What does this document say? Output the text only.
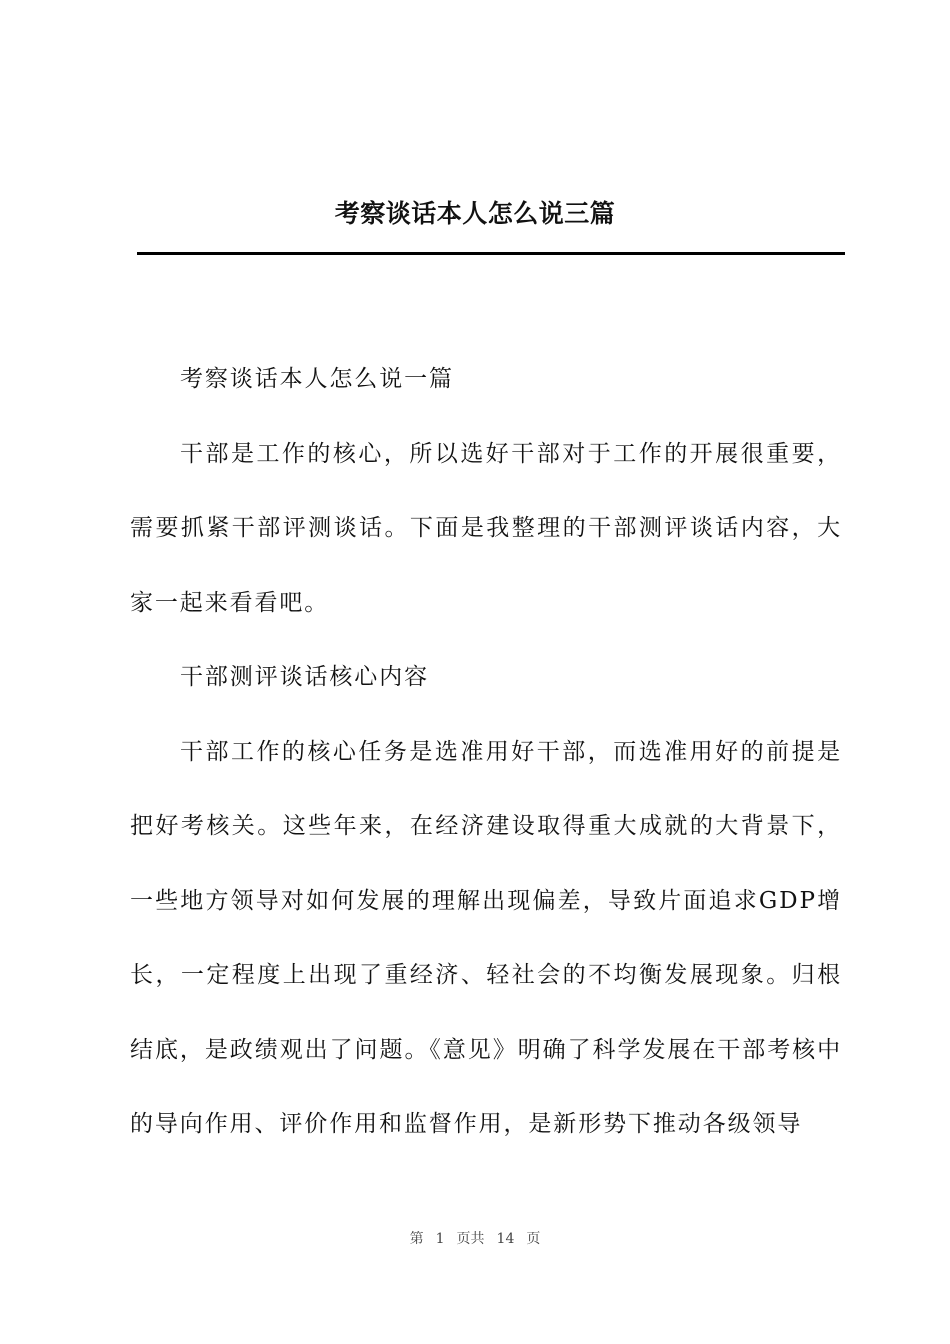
考察谈话本人怎么说三篇

考察谈话本人怎么说一篇

干部是工作的核心，所以选好干部对于工作的开展很重要，需要抓紧干部评测谈话。下面是我整理的干部测评谈话内容，大家一起来看看吧。

干部测评谈话核心内容

干部工作的核心任务是选准用好干部，而选准用好的前提是把好考核关。这些年来，在经济建设取得重大成就的大背景下，一些地方领导对如何发展的理解出现偏差，导致片面追求GDP增长，一定程度上出现了重经济、轻社会的不均衡发展现象。归根结底，是政绩观出了问题。《意见》明确了科学发展在干部考核中的导向作用、评价作用和监督作用，是新形势下推动各级领导

第 1 页共 14 页
